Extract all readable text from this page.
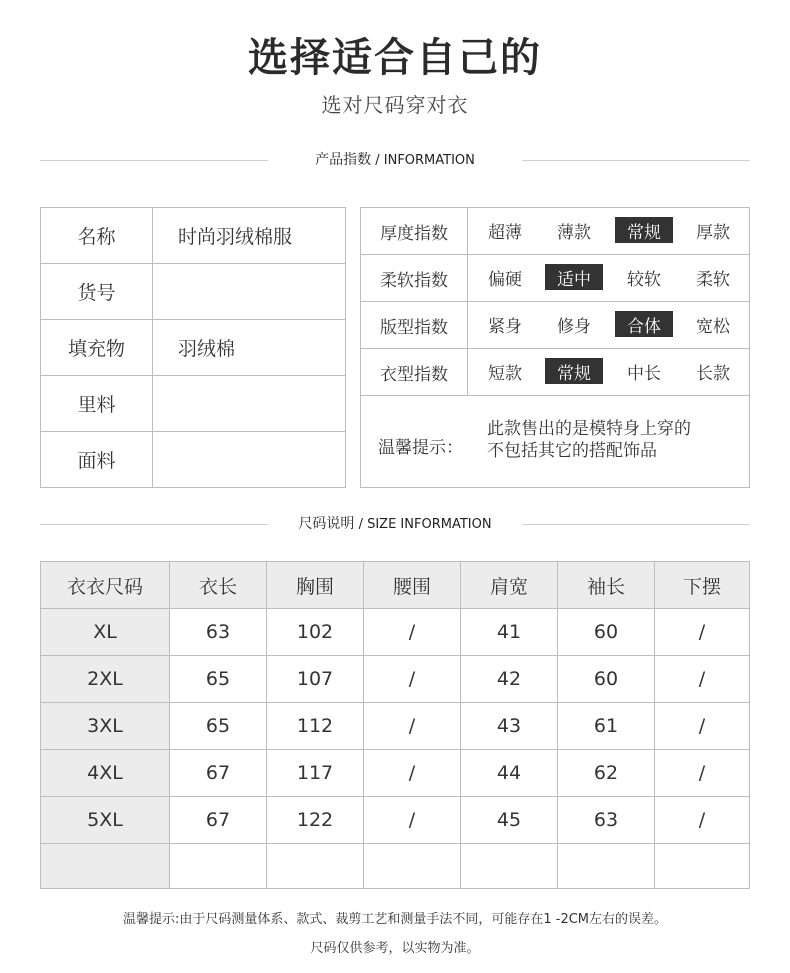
选择适合自己的
选对尺码穿对衣
产品指数 / INFORMATION
名称	时尚羽绒棉服
货号
填充物	羽绒棉
里料
面料
厚度指数	超薄	薄款	常规	厚款
柔软指数	偏硬	适中	较软	柔软
版型指数	紧身	修身	合体	宽松
衣型指数	短款	常规	中长	长款
温馨提示：
此款售出的是模特身上穿的
不包括其它的搭配饰品
尺码说明 / SIZE INFORMATION
衣衣尺码	衣长	胸围	腰围	肩宽	袖长	下摆
XL	63	102	/	41	60	/
2XL	65	107	/	42	60	/
3XL	65	112	/	43	61	/
4XL	67	117	/	44	62	/
5XL	67	122	/	45	63	/
温馨提示:由于尺码测量体系、款式、裁剪工艺和测量手法不同，可能存在1 -2CM左右的误差。
尺码仅供参考，以实物为准。
